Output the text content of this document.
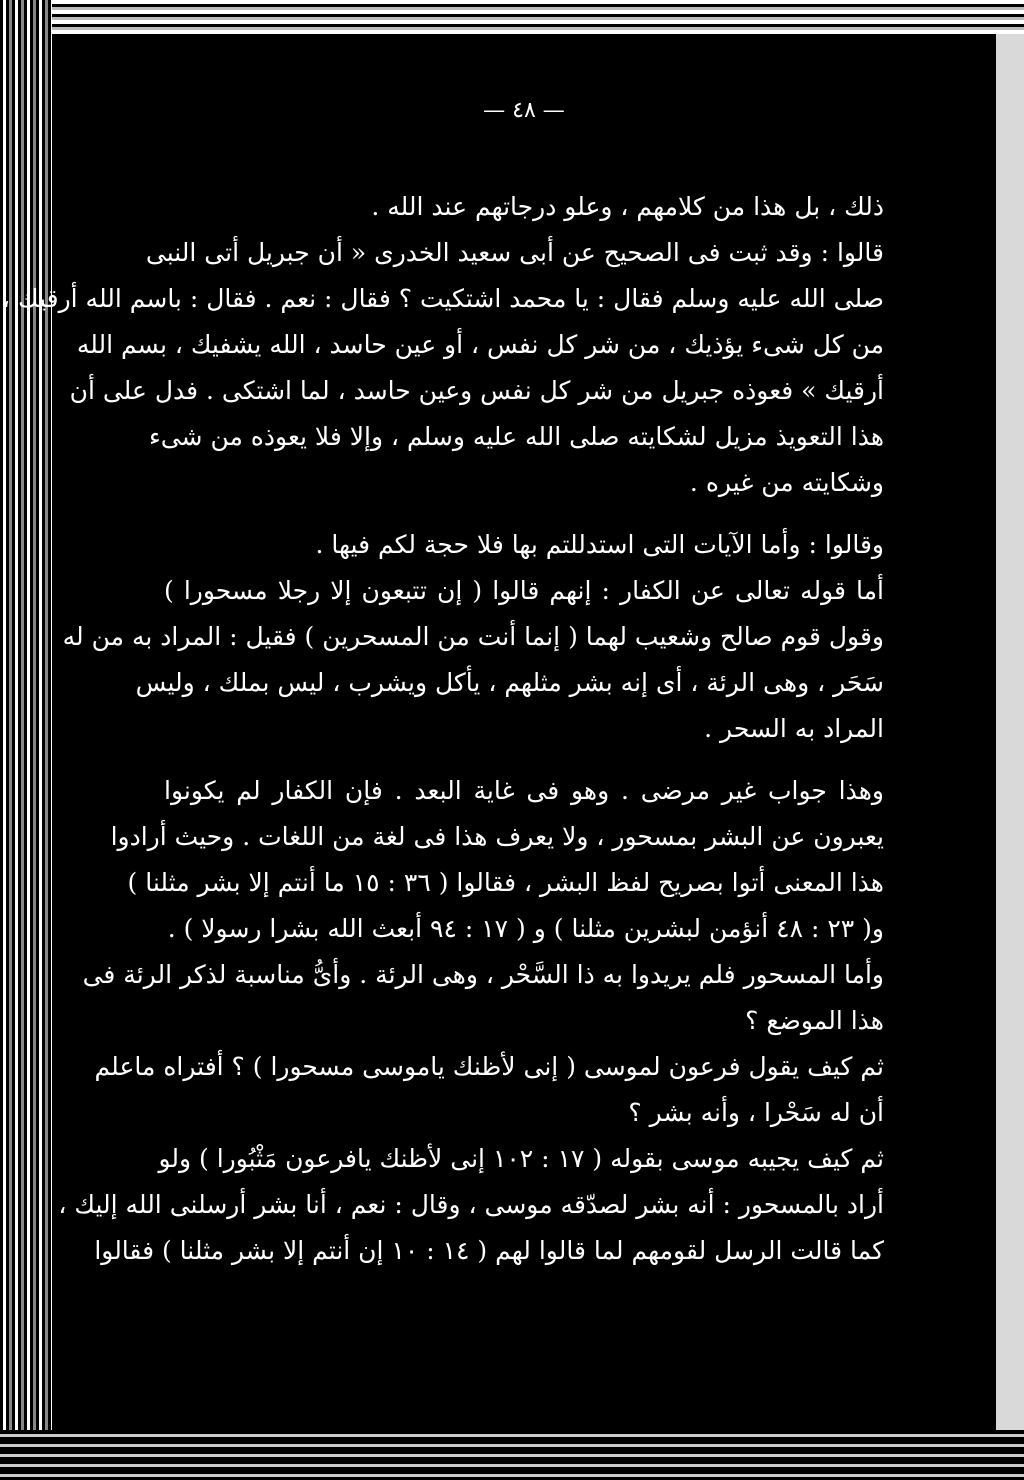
— ٤٨ —
ذلك ، بل هذا من كلامهم ، وعلو درجاتهم عند الله .
قالوا : وقد ثبت فى الصحيح عن أبى سعيد الخدرى « أن جبريل أتى النبى
صلى الله عليه وسلم فقال : يا محمد اشتكيت ؟ فقال : نعم . فقال : باسم الله أرقيك ،
من كل شىء يؤذيك ، من شر كل نفس ، أو عين حاسد ، الله يشفيك ، بسم الله
أرقيك » فعوذه جبريل من شر كل نفس وعين حاسد ، لما اشتكى . فدل على أن
هذا التعويذ مزيل لشكايته صلى الله عليه وسلم ، وإلا فلا يعوذه من شىء
وشكايته من غيره .
وقالوا : وأما الآيات التى استدللتم بها فلا حجة لكم فيها .
أما قوله تعالى عن الكفار : إنهم قالوا ( إن تتبعون إلا رجلا مسحورا )
وقول قوم صالح وشعيب لهما ( إنما أنت من المسحرين ) فقيل : المراد به من له
سَحَر ، وهى الرئة ، أى إنه بشر مثلهم ، يأكل ويشرب ، ليس بملك ، وليس
المراد به السحر .
وهذا جواب غير مرضى . وهو فى غاية البعد . فإن الكفار لم يكونوا
يعبرون عن البشر بمسحور ، ولا يعرف هذا فى لغة من اللغات . وحيث أرادوا
هذا المعنى أتوا بصريح لفظ البشر ، فقالوا ( ٣٦ : ١٥ ما أنتم إلا بشر مثلنا )
و( ٢٣ : ٤٨ أنؤمن لبشرين مثلنا ) و ( ١٧ : ٩٤ أبعث الله بشرا رسولا ) .
وأما المسحور فلم يريدوا به ذا السَّحْر ، وهى الرئة . وأىُّ مناسبة لذكر الرئة فى
هذا الموضع ؟
ثم كيف يقول فرعون لموسى ( إنى لأظنك ياموسى مسحورا ) ؟ أفتراه ماعلم
أن له سَحْرا ، وأنه بشر ؟
ثم كيف يجيبه موسى بقوله ( ١٧ : ١٠٢ إنى لأظنك يافرعون مَثْبُورا ) ولو
أراد بالمسحور : أنه بشر لصدّقه موسى ، وقال : نعم ، أنا بشر أرسلنى الله إليك ،
كما قالت الرسل لقومهم لما قالوا لهم ( ١٤ : ١٠ إن أنتم إلا بشر مثلنا ) فقالوا
